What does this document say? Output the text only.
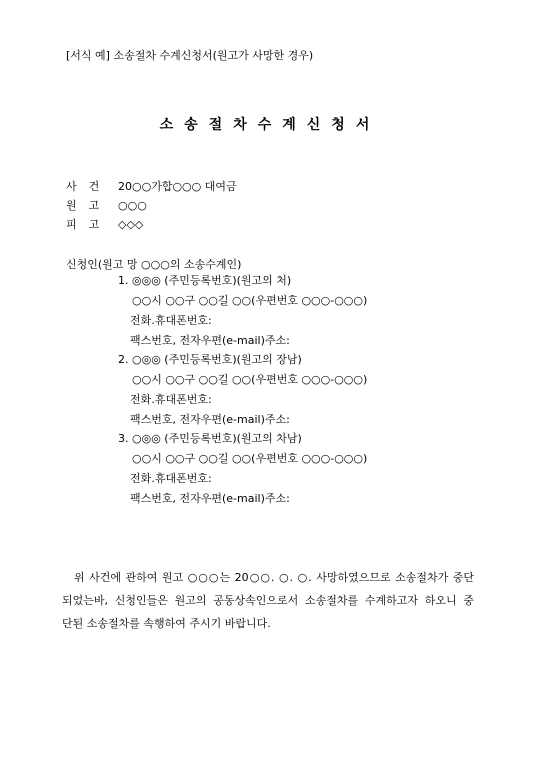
[서식 예] 소송절차 수계신청서(원고가 사망한 경우)
소송절차수계신청서
사건 20○○가합○○○ 대여금
원고 ○○○
피고 ◇◇◇
신청인(원고 망 ○○○의 소송수계인)
1. ◎◎◎ (주민등록번호)(원고의 처)
○○시 ○○구 ○○길 ○○(우편번호 ○○○-○○○)
전화․휴대폰번호:
팩스번호, 전자우편(e-mail)주소:
2. ○◎◎ (주민등록번호)(원고의 장남)
○○시 ○○구 ○○길 ○○(우편번호 ○○○-○○○)
전화․휴대폰번호:
팩스번호, 전자우편(e-mail)주소:
3. ○◎◎ (주민등록번호)(원고의 차남)
○○시 ○○구 ○○길 ○○(우편번호 ○○○-○○○)
전화․휴대폰번호:
팩스번호, 전자우편(e-mail)주소:
위 사건에 관하여 원고 ○○○는 20○○. ○. ○. 사망하였으므로 소송절차가 중단
되었는바, 신청인들은 원고의 공동상속인으로서 소송절차를 수계하고자 하오니 중
단된 소송절차를 속행하여 주시기 바랍니다.
